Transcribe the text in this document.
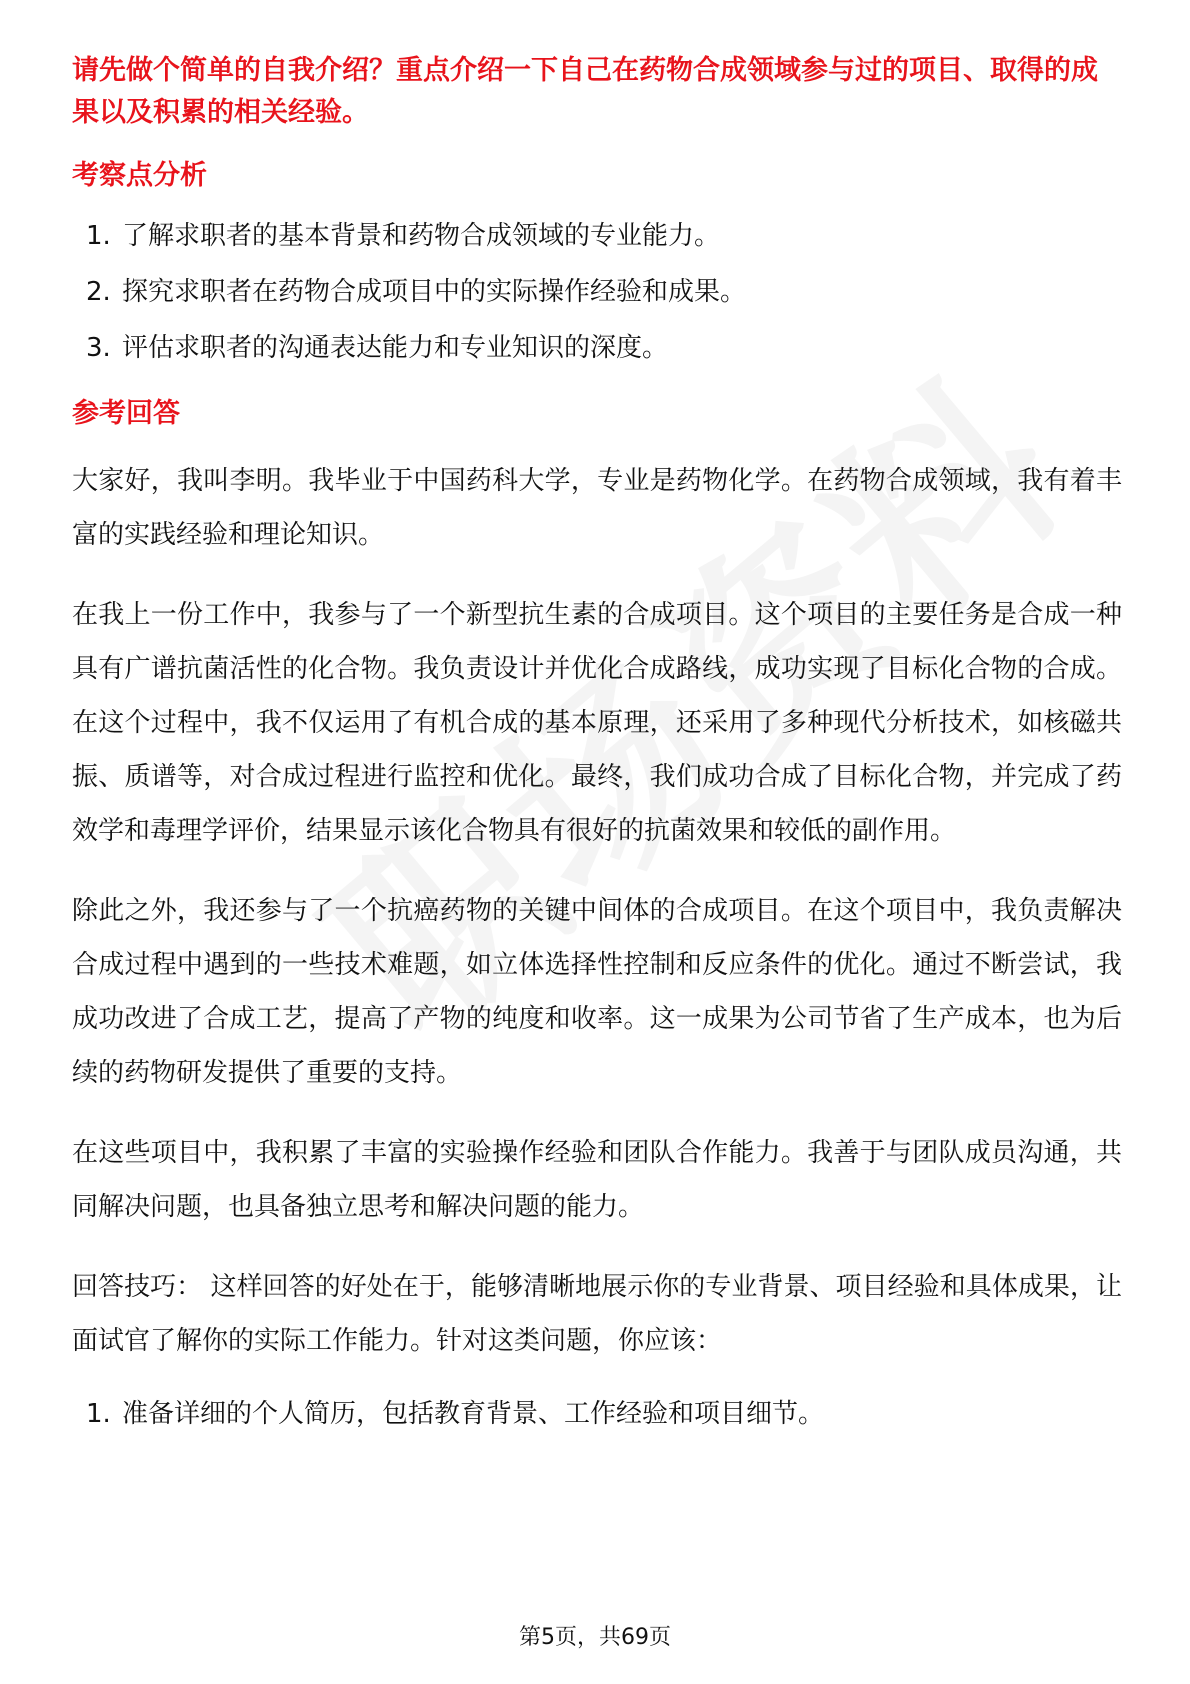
请先做个简单的自我介绍？重点介绍一下自己在药物合成领域参与过的项目、取得的成果以及积累的相关经验。
考察点分析
1. 了解求职者的基本背景和药物合成领域的专业能力。
2. 探究求职者在药物合成项目中的实际操作经验和成果。
3. 评估求职者的沟通表达能力和专业知识的深度。
参考回答

大家好，我叫李明。我毕业于中国药科大学，专业是药物化学。在药物合成领域，我有着丰富的实践经验和理论知识。

在我上一份工作中，我参与了一个新型抗生素的合成项目。这个项目的主要任务是合成一种具有广谱抗菌活性的化合物。我负责设计并优化合成路线，成功实现了目标化合物的合成。在这个过程中，我不仅运用了有机合成的基本原理，还采用了多种现代分析技术，如核磁共振、质谱等，对合成过程进行监控和优化。最终，我们成功合成了目标化合物，并完成了药效学和毒理学评价，结果显示该化合物具有很好的抗菌效果和较低的副作用。

除此之外，我还参与了一个抗癌药物的关键中间体的合成项目。在这个项目中，我负责解决合成过程中遇到的一些技术难题，如立体选择性控制和反应条件的优化。通过不断尝试，我成功改进了合成工艺，提高了产物的纯度和收率。这一成果为公司节省了生产成本，也为后续的药物研发提供了重要的支持。

在这些项目中，我积累了丰富的实验操作经验和团队合作能力。我善于与团队成员沟通，共同解决问题，也具备独立思考和解决问题的能力。

回答技巧： 这样回答的好处在于，能够清晰地展示你的专业背景、项目经验和具体成果，让面试官了解你的实际工作能力。针对这类问题，你应该：

1. 准备详细的个人简历，包括教育背景、工作经验和项目细节。
第5页，共69页
